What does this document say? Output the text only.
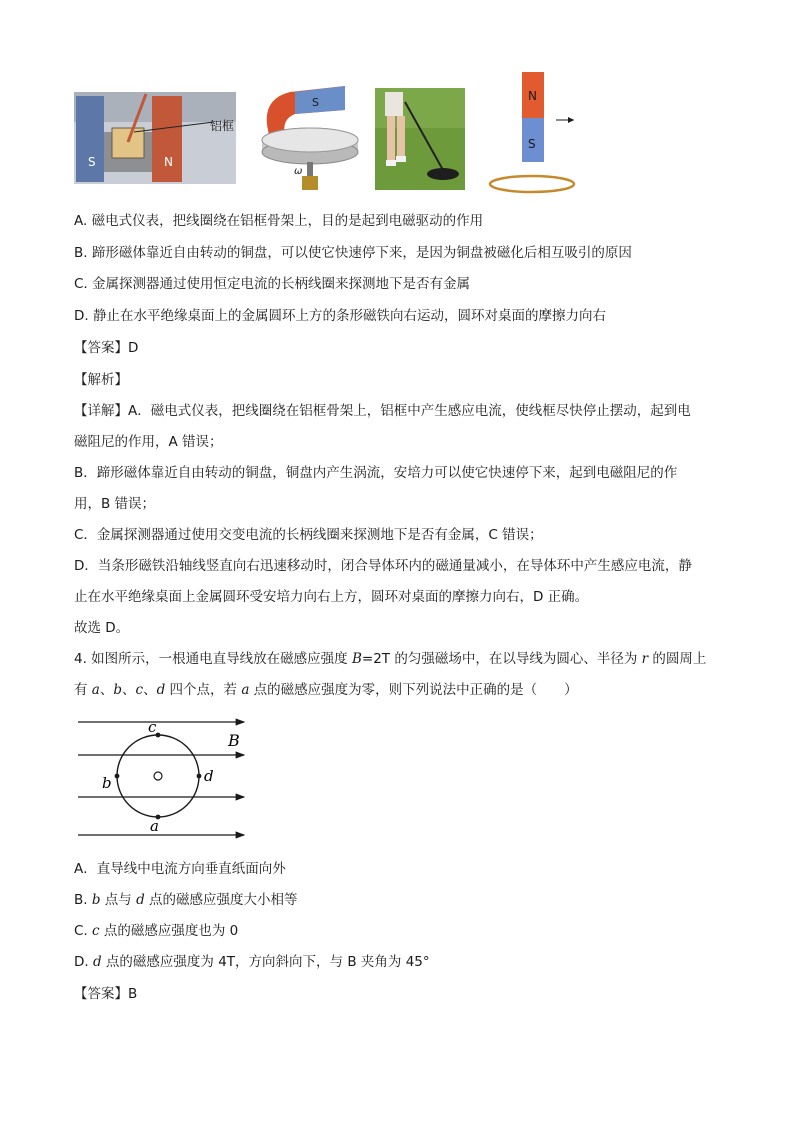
S	N
铝框
S
ω
N
S
A. 磁电式仪表，把线圈绕在铝框骨架上，目的是起到电磁驱动的作用
B. 蹄形磁体靠近自由转动的铜盘，可以使它快速停下来，是因为铜盘被磁化后相互吸引的原因
C. 金属探测器通过使用恒定电流的长柄线圈来探测地下是否有金属
D. 静止在水平绝缘桌面上的金属圆环上方的条形磁铁向右运动，圆环对桌面的摩擦力向右
【答案】D
【解析】
【详解】A．磁电式仪表，把线圈绕在铝框骨架上，铝框中产生感应电流，使线框尽快停止摆动，起到电
磁阻尼的作用，A 错误；
B．蹄形磁体靠近自由转动的铜盘，铜盘内产生涡流，安培力可以使它快速停下来，起到电磁阻尼的作
用，B 错误；
C．金属探测器通过使用交变电流的长柄线圈来探测地下是否有金属，C 错误；
D．当条形磁铁沿轴线竖直向右迅速移动时，闭合导体环内的磁通量减小，在导体环中产生感应电流，静
止在水平绝缘桌面上金属圆环受安培力向右上方，圆环对桌面的摩擦力向右，D 正确。
故选 D。
4. 如图所示，一根通电直导线放在磁感应强度 B=2T 的匀强磁场中，在以导线为圆心、半径为 r 的圆周上
有 a、b、c、d 四个点，若 a 点的磁感应强度为零，则下列说法中正确的是（　　）
c
b	d
a
B
A．直导线中电流方向垂直纸面向外
B. b 点与 d 点的磁感应强度大小相等
C. c 点的磁感应强度也为 0
D. d 点的磁感应强度为 4T，方向斜向下，与 B 夹角为 45°
【答案】B
